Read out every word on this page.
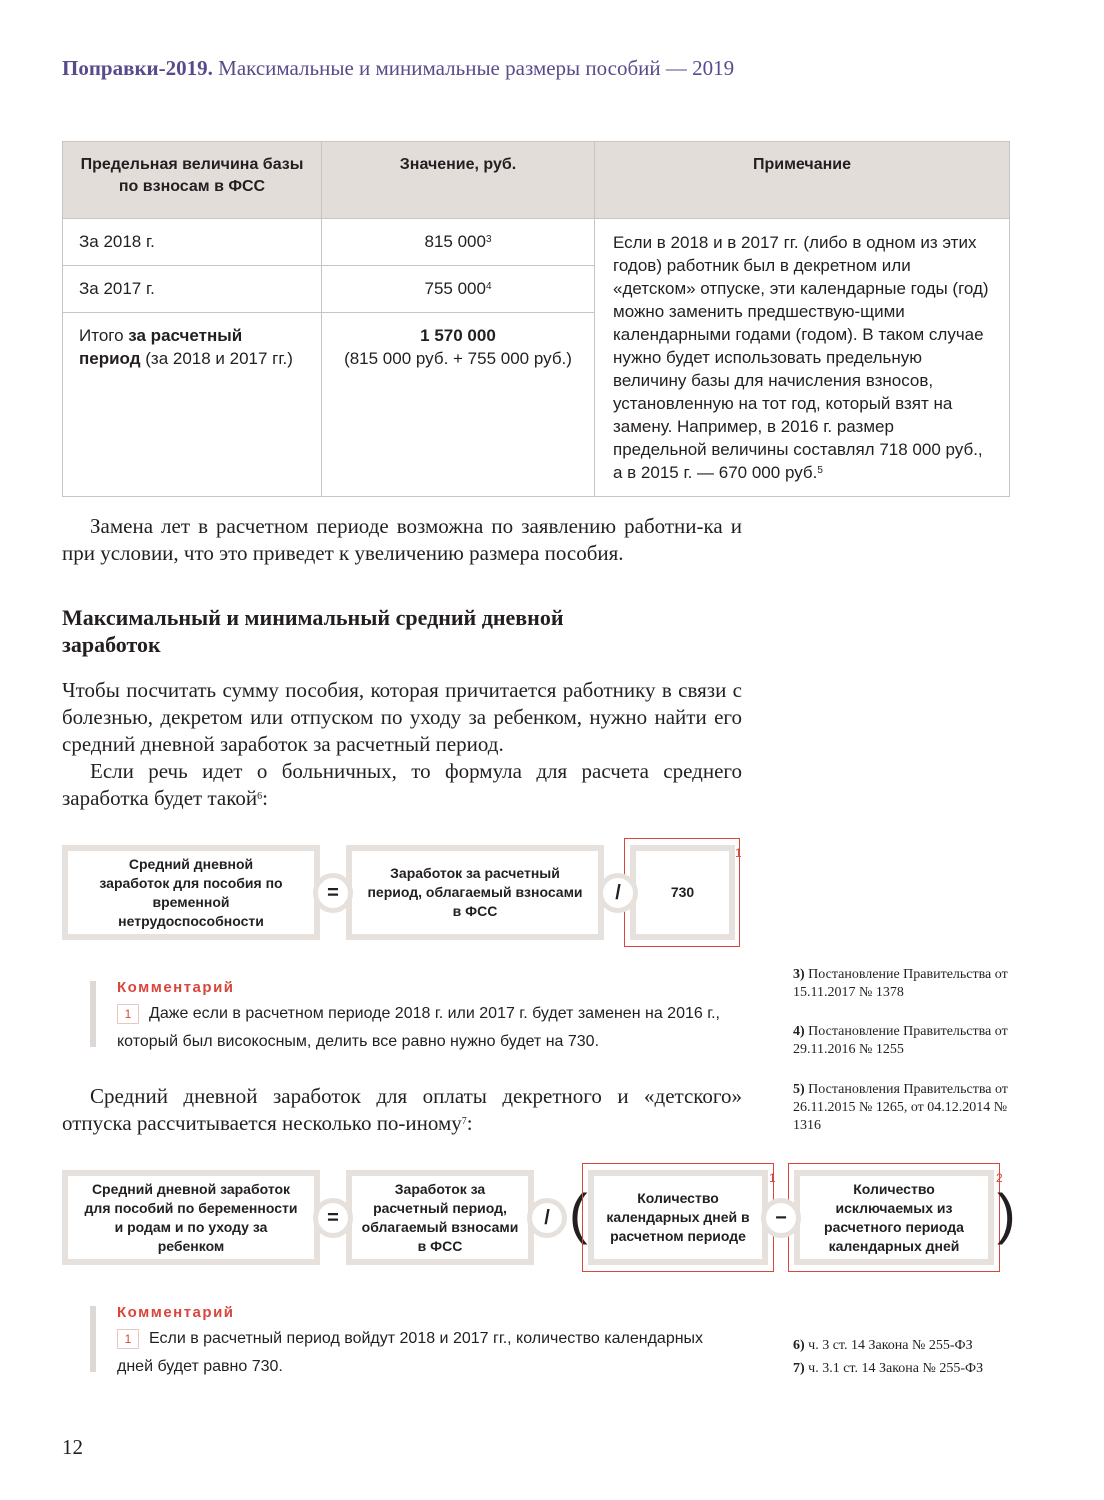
Поправки-2019. Максимальные и минимальные размеры пособий — 2019
Предельная величина базы по взносам в ФСС	Значение, руб.	Примечание
За 2018 г.	815 $000^3$	Если в 2018 и в 2017 гг. (либо в одном из этих годов) работник был в декретном или «детском» отпуске, эти календарные годы (год) можно заменить предшествую-щими календарными годами (годом). В таком случае нужно будет использовать предельную величину базы для начисления взносов, установленную на тот год, который взят на замену. Например, в 2016 г. размер предельной величины составлял 718 000 руб., а в 2015 г. — 670 000 руб.$^5$
За 2017 г.	755 $000^4$
Итого за расчетный период (за 2018 и 2017 гг.)	1 570 000
(815 000 руб. + 755 000 руб.)	
Замена лет в расчетном периоде возможна по заявлению работни-ка и при условии, что это приведет к увеличению размера пособия.
Максимальный и минимальный средний дневной заработок
Чтобы посчитать сумму пособия, которая причитается работнику в связи с болезнью, декретом или отпуском по уходу за ребенком, нужно найти его средний дневной заработок за расчетный период.
Если речь идет о больничных, то формула для расчета среднего заработка будет такой$^6$:
Средний дневной заработок для пособия по временной нетрудоспособности
Заработок за расчетный период, облагаемый взносами в ФСС
1
730
=	/
Комментарий
1 Даже если в расчетном периоде 2018 г. или 2017 г. будет заменен на 2016 г., который был високосным, делить все равно нужно будет на 730.
Средний дневной заработок для оплаты декретного и «детского» отпуска рассчитывается несколько по-иному$^7$:
Средний дневной заработок для пособий по беременности и родам и по уходу за ребенком
Заработок за расчетный период, облагаемый взносами в ФСС
(
1
Количество календарных дней в расчетном периоде
2
Количество исключаемых из расчетного периода календарных дней
)
=	/	−
Комментарий
1 Если в расчетный период войдут 2018 и 2017 гг., количество календарных дней будет равно 730.
3) Постановление Правительства от 15.11.2017 № 1378
4) Постановление Правительства от 29.11.2016 № 1255
5) Постановления Правительства от 26.11.2015 № 1265, от 04.12.2014 № 1316
6) ч. 3 ст. 14 Закона № 255-ФЗ
7) ч. 3.1 ст. 14 Закона № 255-ФЗ
12
